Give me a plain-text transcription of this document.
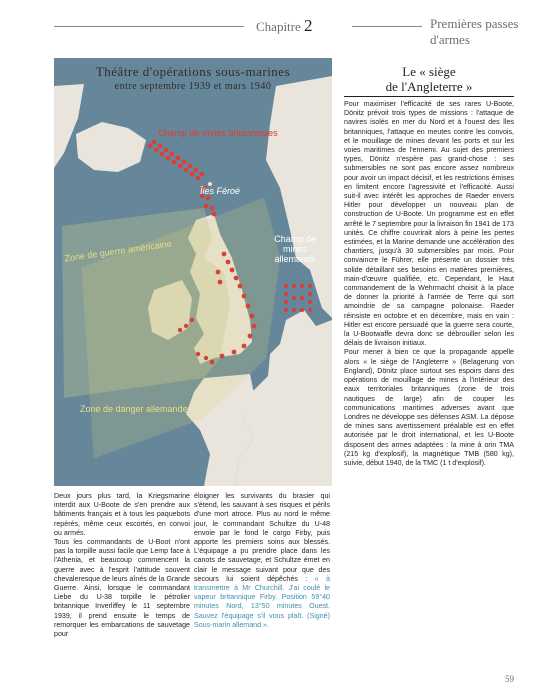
Chapitre 2	Premières passes d'armes
Théâtre d'opérations sous-marines
entre septembre 1939 et mars 1940
Champ de mines britanniques
Îles Féroé
Zone de guerre américaine	Champ de mines allemands
Zone de danger allemande
Le « siège
de l'Angleterre »

Pour maximiser l'efficacité de ses rares U-Boote, Dönitz prévoit trois types de missions : l'attaque de navires isolés en mer du Nord et à l'ouest des îles britanniques, l'attaque en meutes contre les convois, et le mouillage de mines devant les ports et sur les voies maritimes de l'ennemi. Au sujet des premiers types, Dönitz n'espère pas grand-chose : ses submersibles ne sont pas encore assez nombreux pour avoir un impact décisif, et les restrictions émises en limitent encore l'agressivité et l'efficacité. Aussi suit-il avec intérêt les approches de Raeder envers Hitler pour développer un nouveau plan de construction de U-Boote. Un programme est en effet arrêté le 7 septembre pour la livraison fin 1941 de 173 unités. Ce chiffre couvrirait alors à peine les pertes estimées, et la Marine demande une accélération des chantiers, jusqu'à 30 submersibles par mois. Pour convaincre le Führer, elle présente un dossier très solide détaillant ses besoins en matières premières, main-d'œuvre qualifiée, etc. Cependant, le Haut commandement de la Wehrmacht choisit à la place de donner la priorité à l'armée de Terre qui sort amoindrie de sa campagne polonaise. Raeder réinsiste en octobre et en décembre, mais en vain : Hitler est encore persuadé que la guerre sera courte, la U-Bootwaffe devra donc se débrouiller selon les délais de livraison initiaux.

Pour mener à bien ce que la propagande appelle alors « le siège de l'Angleterre » (Belagerung von England), Dönitz place surtout ses espoirs dans des opérations de mouillage de mines à l'intérieur des eaux territoriales britanniques (zone de trois nautiques de large) afin de couper les communications maritimes adverses avant que Londres ne développe ses défenses ASM. La dépose de mines sans avertissement préalable est en effet autorisée par le droit international, et les U-Boote disposent des armes adaptées : la mine à orin TMA (215 kg d'explosif), la magnétique TMB (580 kg), suivie, début 1940, de la TMC (1 t d'explosif).

Deux jours plus tard, la Kriegsmarine interdit aux U-Boote de s'en prendre aux bâtiments français et à tous les paquebots repérés, même ceux escortés, en convoi ou armés.

Tous les commandants de U-Boot n'ont pas la torpille aussi facile que Lemp face à l'Athenia, et beaucoup commencent la guerre avec à l'esprit l'attitude souvent chevaleresque de leurs aînés de la Grande Guerre. Ainsi, lorsque le commandant Liebe du U-38 torpille le pétrolier britannique Inverliffey le 11 septembre 1939, il prend ensuite le temps de remorquer les embarcations de sauvetage pour

éloigner les survivants du brasier qui s'étend, les sauvant à ses risques et périls d'une mort atroce. Plus au nord le même jour, le commandant Schultze du U-48 envoie par le fond le cargo Firby, puis apporte les premiers soins aux blessés. L'équipage a pu prendre place dans les canots de sauvetage, et Schultze émet en clair le message suivant pour que des secours lui soient dépêchés : « à transmettre à Mr Churchill. J'ai coulé le vapeur britannique Firby. Position 59°40 minutes Nord, 13°50 minutes Ouest. Sauvez l'équipage s'il vous plaît. (Signé) Sous-marin allemand ».

59
